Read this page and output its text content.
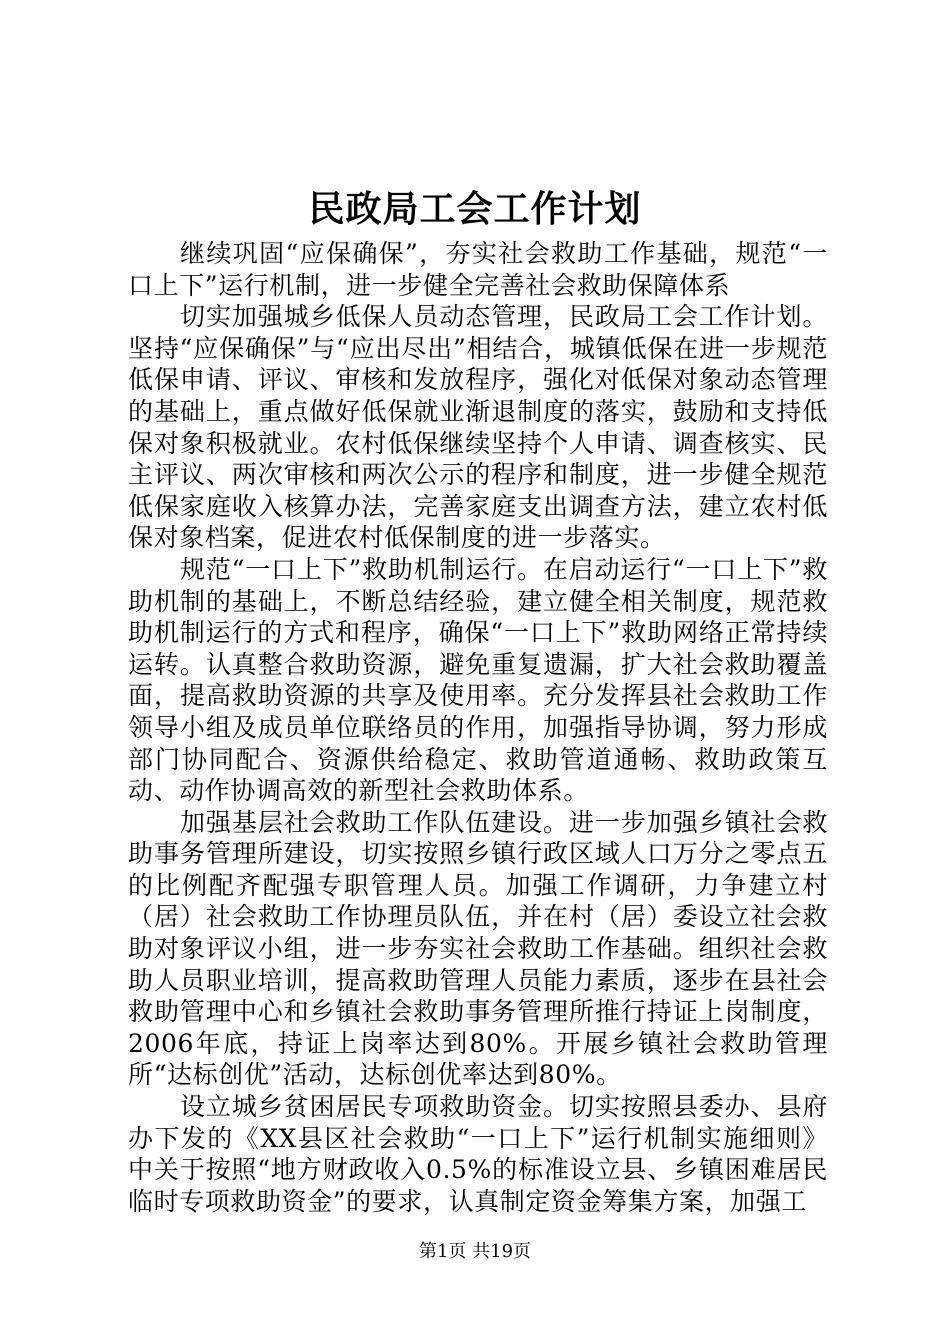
民政局工会工作计划

继续巩固“应保确保”，夯实社会救助工作基础，规范“一口上下”运行机制，进一步健全完善社会救助保障体系

切实加强城乡低保人员动态管理，民政局工会工作计划。坚持“应保确保”与“应出尽出”相结合，城镇低保在进一步规范低保申请、评议、审核和发放程序，强化对低保对象动态管理的基础上，重点做好低保就业渐退制度的落实，鼓励和支持低保对象积极就业。农村低保继续坚持个人申请、调查核实、民主评议、两次审核和两次公示的程序和制度，进一步健全规范低保家庭收入核算办法，完善家庭支出调查方法，建立农村低保对象档案，促进农村低保制度的进一步落实。

规范“一口上下”救助机制运行。在启动运行“一口上下”救助机制的基础上，不断总结经验，建立健全相关制度，规范救助机制运行的方式和程序，确保“一口上下”救助网络正常持续运转。认真整合救助资源，避免重复遗漏，扩大社会救助覆盖面，提高救助资源的共享及使用率。充分发挥县社会救助工作领导小组及成员单位联络员的作用，加强指导协调，努力形成部门协同配合、资源供给稳定、救助管道通畅、救助政策互动、动作协调高效的新型社会救助体系。

加强基层社会救助工作队伍建设。进一步加强乡镇社会救助事务管理所建设，切实按照乡镇行政区域人口万分之零点五的比例配齐配强专职管理人员。加强工作调研，力争建立村（居）社会救助工作协理员队伍，并在村（居）委设立社会救助对象评议小组，进一步夯实社会救助工作基础。组织社会救助人员职业培训，提高救助管理人员能力素质，逐步在县社会救助管理中心和乡镇社会救助事务管理所推行持证上岗制度，2006年底，持证上岗率达到80%。开展乡镇社会救助管理所“达标创优”活动，达标创优率达到80%。

设立城乡贫困居民专项救助资金。切实按照县委办、县府办下发的《XX县区社会救助“一口上下”运行机制实施细则》中关于按照“地方财政收入0.5%的标准设立县、乡镇困难居民临时专项救助资金”的要求，认真制定资金筹集方案，加强工

第1页 共19页
